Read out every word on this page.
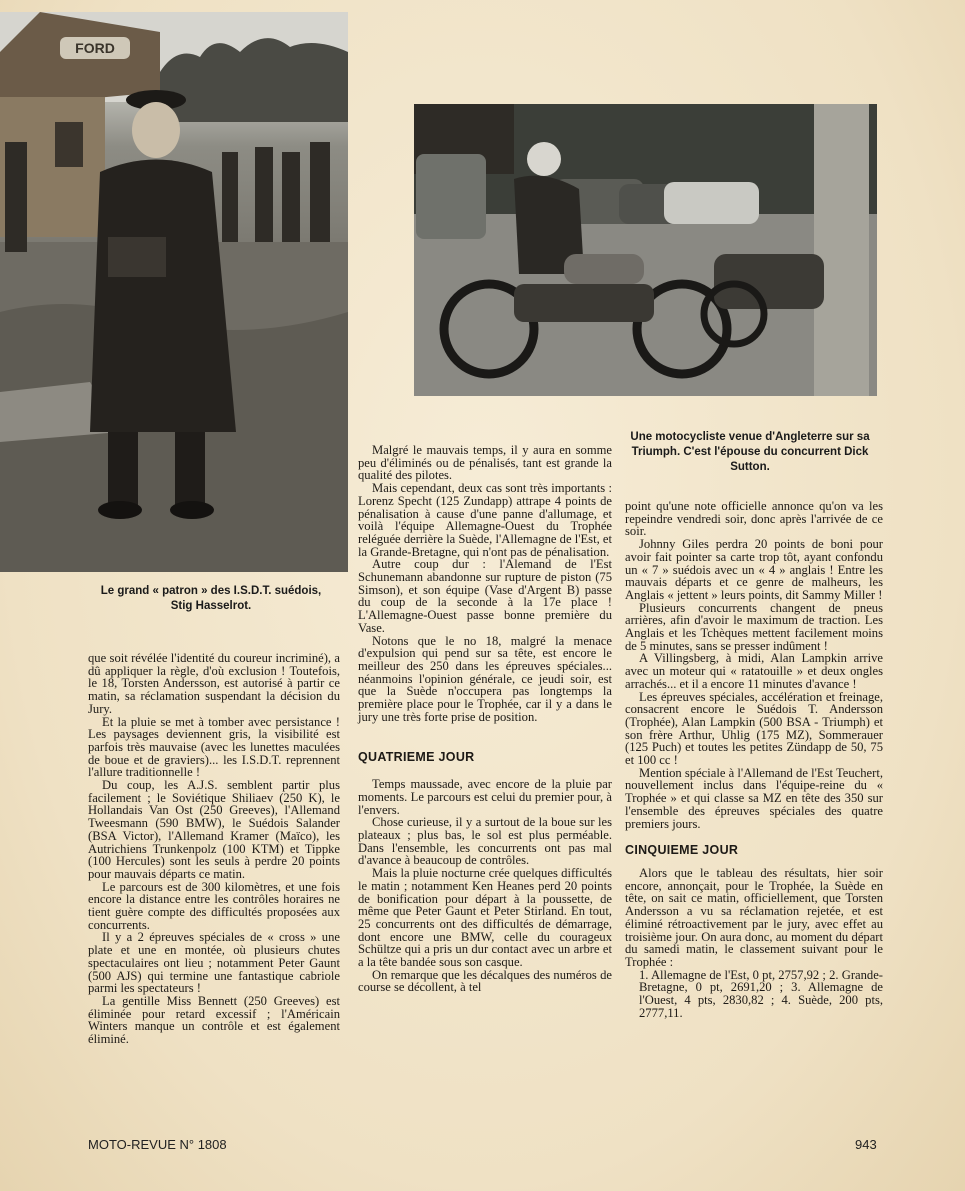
FORD
Le grand « patron » des I.S.D.T. suédois, Stig Hasselrot.
Une motocycliste venue d'Angleterre sur sa Triumph. C'est l'épouse du concurrent Dick Sutton.

que soit révélée l'identité du coureur incriminé), a dû appliquer la règle, d'où exclusion ! Toutefois, le 18, Torsten Andersson, est autorisé à partir ce matin, sa réclamation suspendant la décision du Jury.

Et la pluie se met à tomber avec persistance ! Les paysages deviennent gris, la visibilité est parfois très mauvaise (avec les lunettes maculées de boue et de graviers)... les I.S.D.T. reprennent l'allure traditionnelle !

Du coup, les A.J.S. semblent partir plus facilement ; le Soviétique Shiliaev (250 K), le Hollandais Van Ost (250 Greeves), l'Allemand Tweesmann (590 BMW), le Suédois Salander (BSA Victor), l'Allemand Kramer (Maïco), les Autrichiens Trunkenpolz (100 KTM) et Tippke (100 Hercules) sont les seuls à perdre 20 points pour mauvais départs ce matin.

Le parcours est de 300 kilomètres, et une fois encore la distance entre les contrôles horaires ne tient guère compte des difficultés proposées aux concurrents.

Il y a 2 épreuves spéciales de « cross » une plate et une en montée, où plusieurs chutes spectaculaires ont lieu ; notamment Peter Gaunt (500 AJS) qui termine une fantastique cabriole parmi les spectateurs !

La gentille Miss Bennett (250 Greeves) est éliminée pour retard excessif ; l'Américain Winters manque un contrôle et est également éliminé.

Malgré le mauvais temps, il y aura en somme peu d'éliminés ou de pénalisés, tant est grande la qualité des pilotes.

Mais cependant, deux cas sont très importants : Lorenz Specht (125 Zundapp) attrape 4 points de pénalisation à cause d'une panne d'allumage, et voilà l'équipe Allemagne-Ouest du Trophée reléguée derrière la Suède, l'Allemagne de l'Est, et la Grande-Bretagne, qui n'ont pas de pénalisation.

Autre coup dur : l'Alemand de l'Est Schunemann abandonne sur rupture de piston (75 Simson), et son équipe (Vase d'Argent B) passe du coup de la seconde à la 17e place ! L'Allemagne-Ouest passe bonne première du Vase.

Notons que le no 18, malgré la menace d'expulsion qui pend sur sa tête, est encore le meilleur des 250 dans les épreuves spéciales... néanmoins l'opinion générale, ce jeudi soir, est que la Suède n'occupera pas longtemps la première place pour le Trophée, car il y a dans le jury une très forte prise de position.

QUATRIEME JOUR

Temps maussade, avec encore de la pluie par moments. Le parcours est celui du premier pour, à l'envers.

Chose curieuse, il y a surtout de la boue sur les plateaux ; plus bas, le sol est plus perméable. Dans l'ensemble, les concurrents ont pas mal d'avance à beaucoup de contrôles.

Mais la pluie nocturne crée quelques difficultés le matin ; notamment Ken Heanes perd 20 points de bonification pour départ à la poussette, de même que Peter Gaunt et Peter Stirland. En tout, 25 concurrents ont des difficultés de démarrage, dont encore une BMW, celle du courageux Schültze qui a pris un dur contact avec un arbre et a la tête bandée sous son casque.

On remarque que les décalques des numéros de course se décollent, à tel

point qu'une note officielle annonce qu'on va les repeindre vendredi soir, donc après l'arrivée de ce soir.

Johnny Giles perdra 20 points de boni pour avoir fait pointer sa carte trop tôt, ayant confondu un « 7 » suédois avec un « 4 » anglais ! Entre les mauvais départs et ce genre de malheurs, les Anglais « jettent » leurs points, dit Sammy Miller !

Plusieurs concurrents changent de pneus arrières, afin d'avoir le maximum de traction. Les Anglais et les Tchèques mettent facilement moins de 5 minutes, sans se presser indûment !

A Villingsberg, à midi, Alan Lampkin arrive avec un moteur qui « ratatouille » et deux ongles arrachés... et il a encore 11 minutes d'avance !

Les épreuves spéciales, accélération et freinage, consacrent encore le Suédois T. Andersson (Trophée), Alan Lampkin (500 BSA - Triumph) et son frère Arthur, Uhlig (175 MZ), Sommerauer (125 Puch) et toutes les petites Zündapp de 50, 75 et 100 cc !

Mention spéciale à l'Allemand de l'Est Teuchert, nouvellement inclus dans l'équipe-reine du « Trophée » et qui classe sa MZ en tête des 350 sur l'ensemble des épreuves spéciales des quatre premiers jours.

CINQUIEME JOUR

Alors que le tableau des résultats, hier soir encore, annonçait, pour le Trophée, la Suède en tête, on sait ce matin, officiellement, que Torsten Andersson a vu sa réclamation rejetée, et est éliminé rétroactivement par le jury, avec effet au troisième jour. On aura donc, au moment du départ du samedi matin, le classement suivant pour le Trophée :

1. Allemagne de l'Est, 0 pt, 2757,92 ; 2. Grande-Bretagne, 0 pt, 2691,20 ; 3. Allemagne de l'Ouest, 4 pts, 2830,82 ; 4. Suède, 200 pts, 2777,11.

MOTO-REVUE N° 1808	943
